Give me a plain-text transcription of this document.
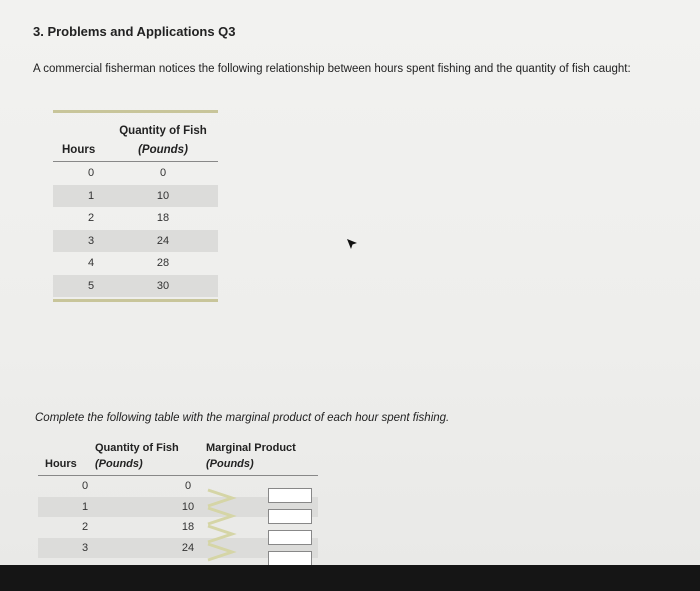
3. Problems and Applications Q3
A commercial fisherman notices the following relationship between hours spent fishing and the quantity of fish caught:
Hours
Quantity of Fish
(Pounds)
0	0
1	10
2	18
3	24
4	28
5	30
Complete the following table with the marginal product of each hour spent fishing.
Hours
Quantity of Fish
(Pounds)
Marginal Product
(Pounds)
0	0
1	10
2	18
3	24
